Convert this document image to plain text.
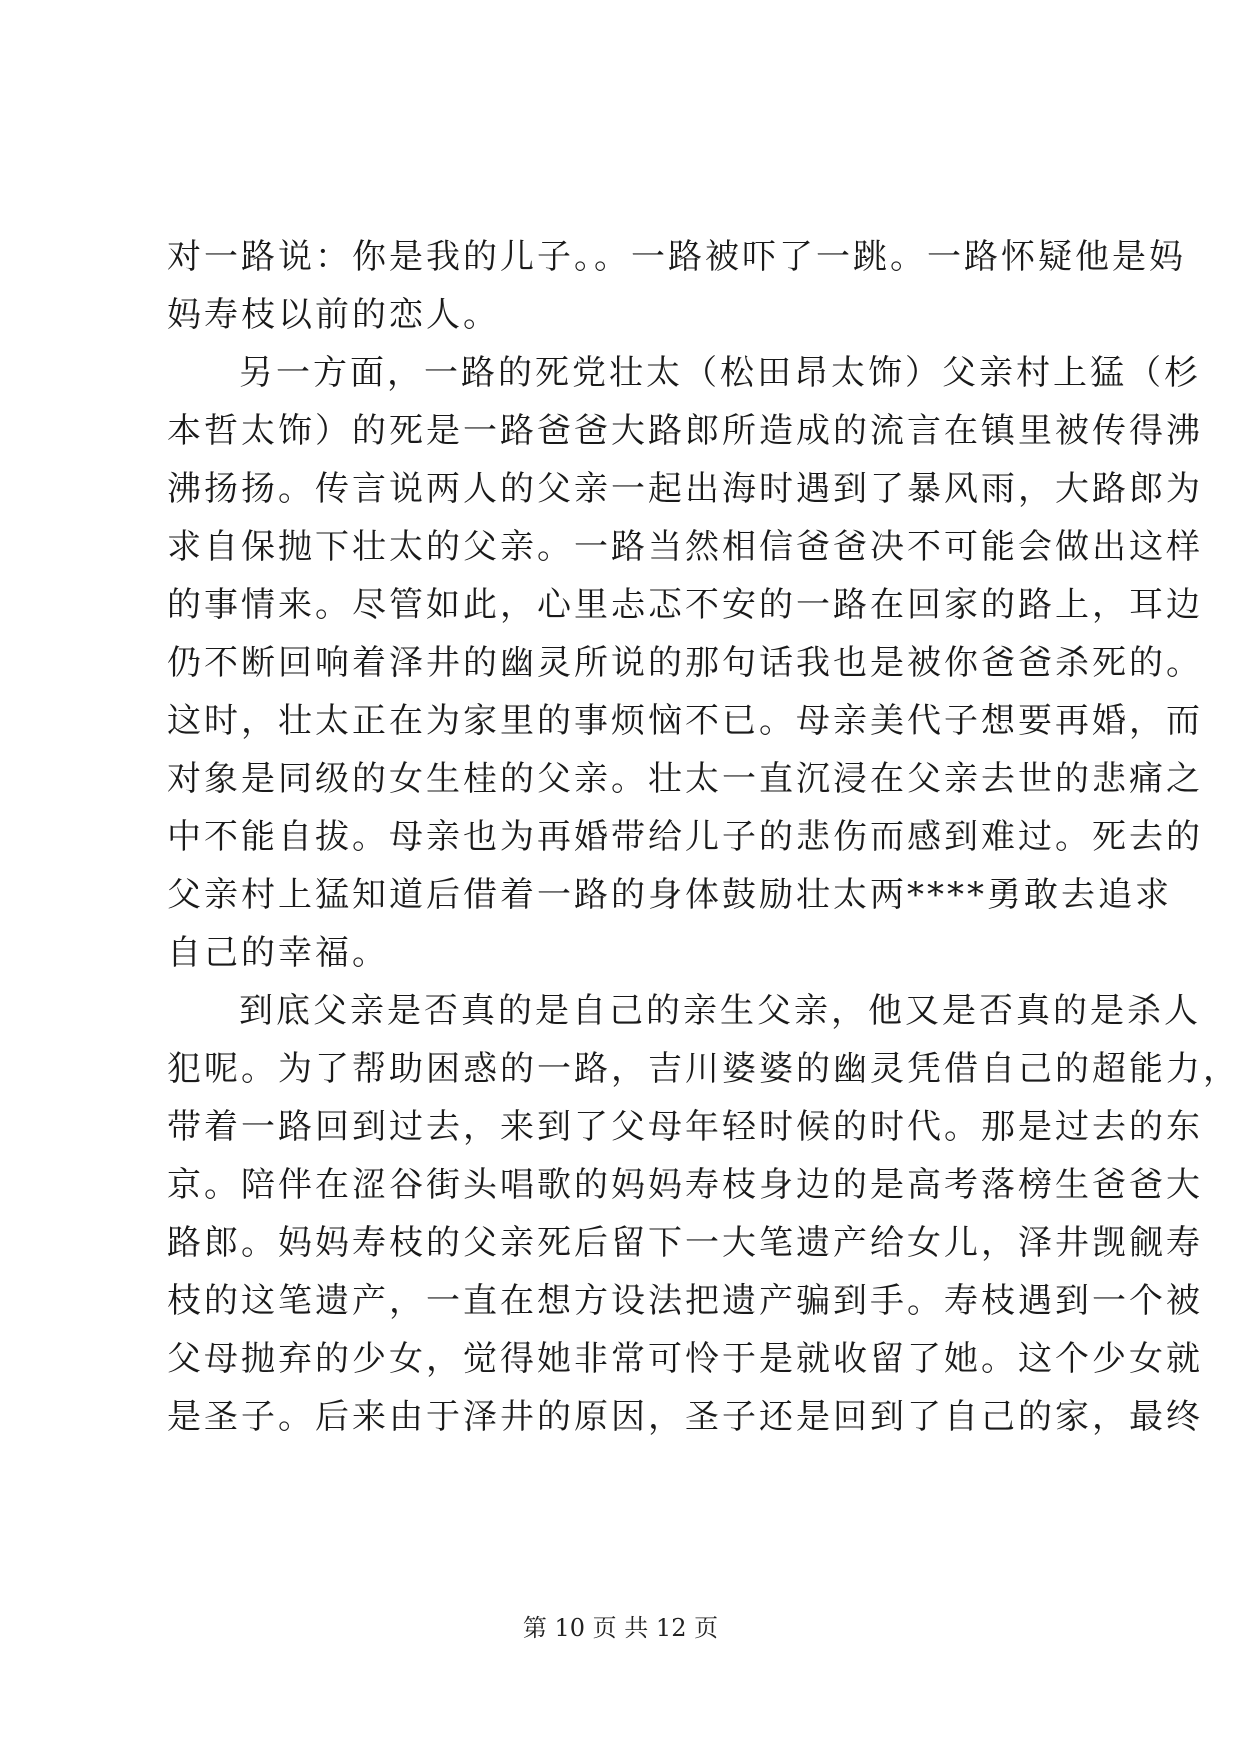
对一路说：你是我的儿子。。一路被吓了一跳。一路怀疑他是妈
妈寿枝以前的恋人。
另一方面，一路的死党壮太（松田昂太饰）父亲村上猛（杉
本哲太饰）的死是一路爸爸大路郎所造成的流言在镇里被传得沸
沸扬扬。传言说两人的父亲一起出海时遇到了暴风雨，大路郎为
求自保抛下壮太的父亲。一路当然相信爸爸决不可能会做出这样
的事情来。尽管如此，心里忐忑不安的一路在回家的路上，耳边
仍不断回响着泽井的幽灵所说的那句话我也是被你爸爸杀死的。
这时，壮太正在为家里的事烦恼不已。母亲美代子想要再婚，而
对象是同级的女生桂的父亲。壮太一直沉浸在父亲去世的悲痛之
中不能自拔。母亲也为再婚带给儿子的悲伤而感到难过。死去的
父亲村上猛知道后借着一路的身体鼓励壮太两****勇敢去追求
自己的幸福。
到底父亲是否真的是自己的亲生父亲，他又是否真的是杀人
犯呢。为了帮助困惑的一路，吉川婆婆的幽灵凭借自己的超能力，
带着一路回到过去，来到了父母年轻时候的时代。那是过去的东
京。陪伴在涩谷街头唱歌的妈妈寿枝身边的是高考落榜生爸爸大
路郎。妈妈寿枝的父亲死后留下一大笔遗产给女儿，泽井觊觎寿
枝的这笔遗产，一直在想方设法把遗产骗到手。寿枝遇到一个被
父母抛弃的少女，觉得她非常可怜于是就收留了她。这个少女就
是圣子。后来由于泽井的原因，圣子还是回到了自己的家，最终
第 10 页 共 12 页
